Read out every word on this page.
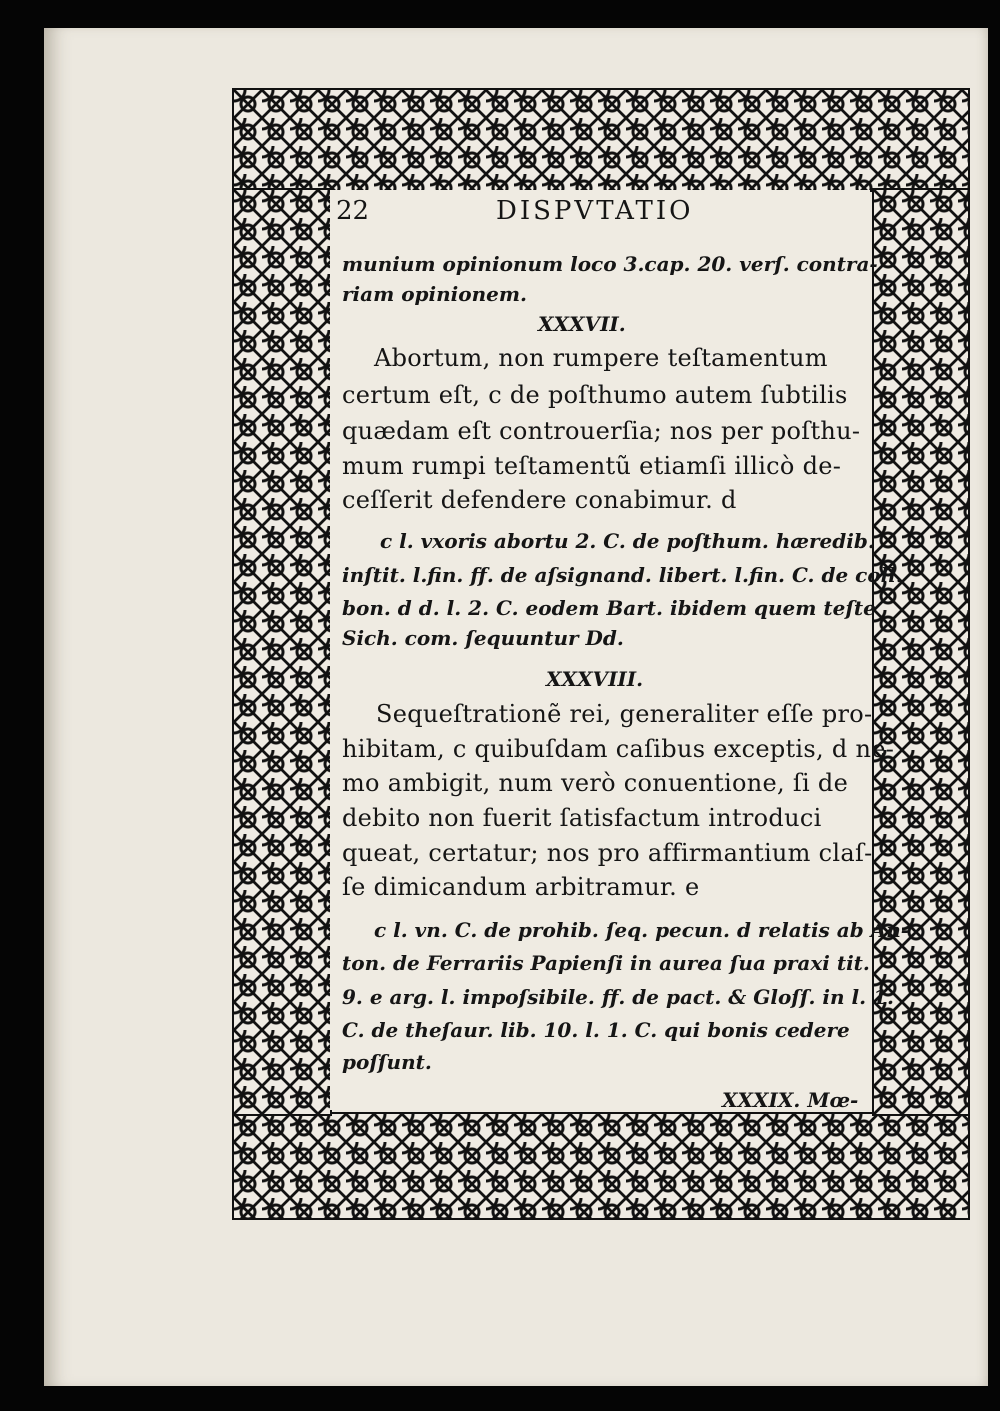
22	DISPVTATIO
munium opinionum loco 3.cap. 20. verſ. contra-
riam opinionem.
XXXVII.
Abortum, non rumpere teſtamentum
certum eſt, c de poſthumo autem ſubtilis
quædam eſt controuerſia; nos per poſthu-
mum rumpi teſtamentũ etiamſi illicò de-
ceſſerit defendere conabimur. d
c l. vxoris abortu 2. C. de poſthum. hæredib.
inſtit. l.fin. ff. de aſsignand. libert. l.fin. C. de coll.
bon. d d. l. 2. C. eodem Bart. ibidem quem teſte
Sich. com. ſequuntur Dd.
XXXVIII.
Sequeſtrationẽ rei, generaliter eſſe pro-
hibitam, c quibuſdam caſibus exceptis, d ne-
mo ambigit, num verò conuentione, ſi de
debito non fuerit ſatisfactum introduci
queat, certatur; nos pro affirmantium claſ-
ſe dimicandum arbitramur. e
c l. vn. C. de prohib. ſeq. pecun. d relatis ab An-
ton. de Ferrariis Papienſi in aurea ſua praxi tit.
9. e arg. l. impoſsibile. ff. de pact. & Gloſſ. in l. 1.
C. de theſaur. lib. 10. l. 1. C. qui bonis cedere
poſſunt.
XXXIX. Mœ-
